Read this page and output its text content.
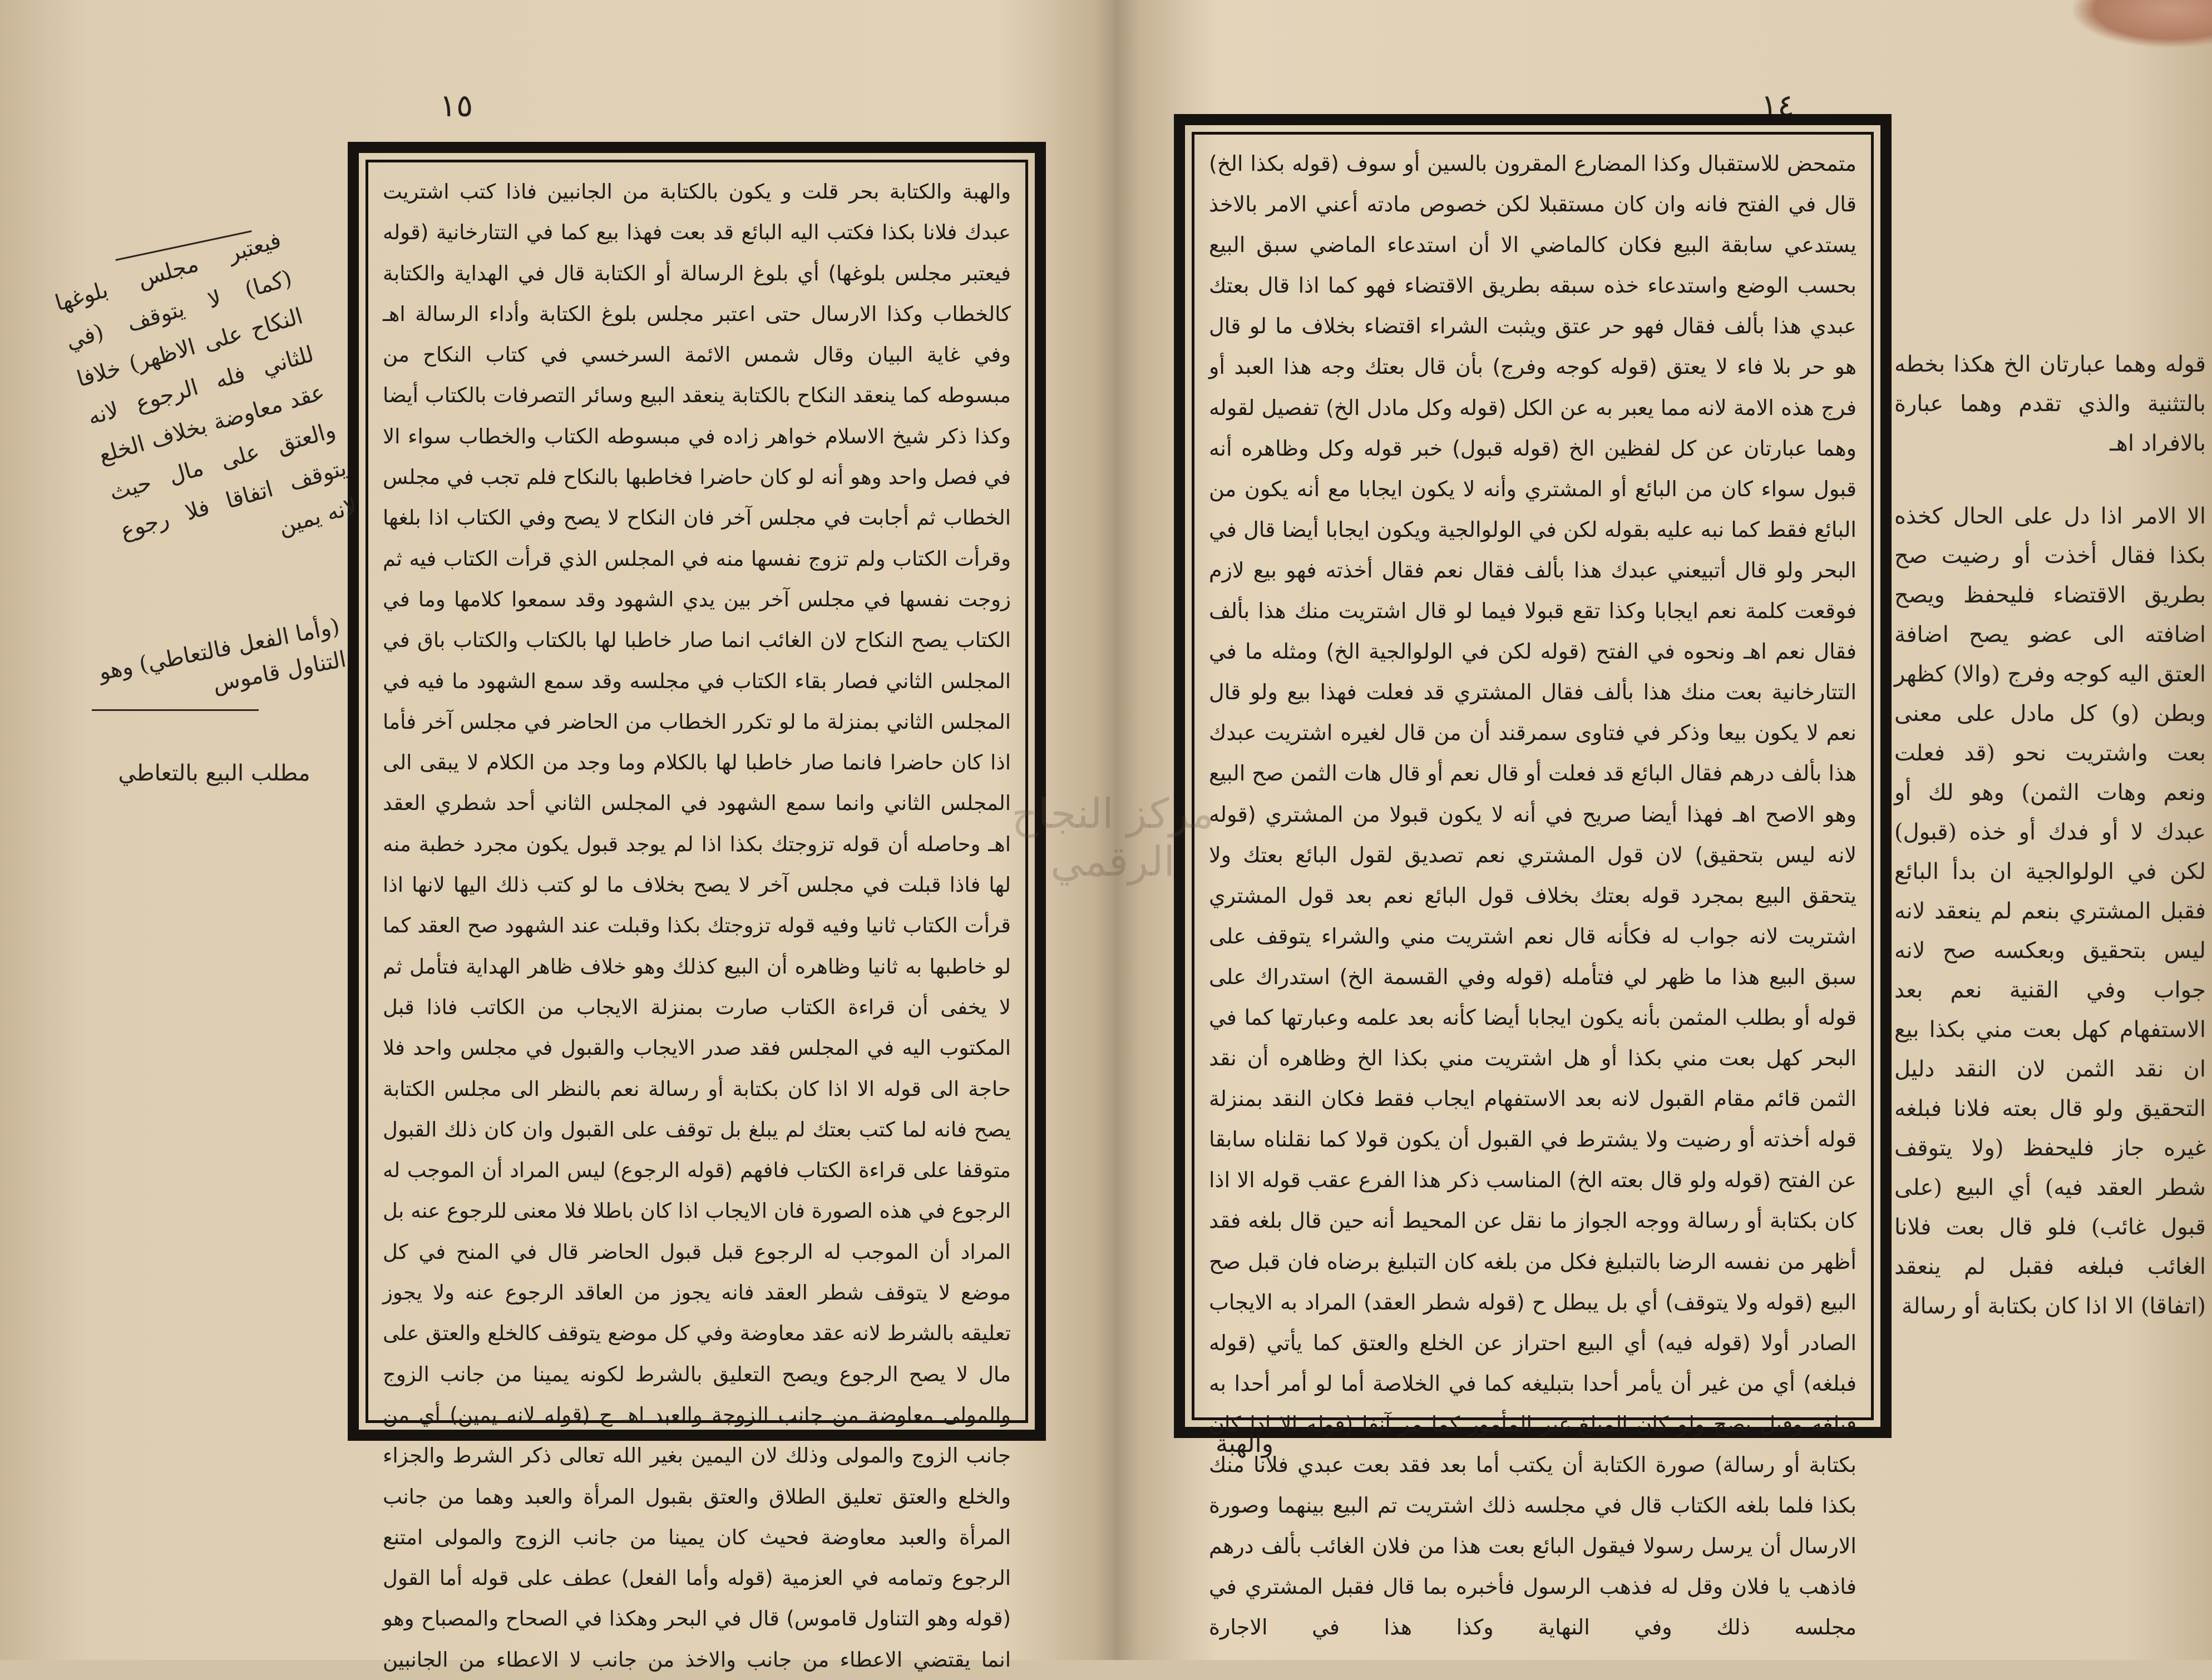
١٥
والهبة والكتابة بحر قلت و يكون بالكتابة من الجانبين فاذا كتب اشتريت عبدك فلانا بكذا فكتب اليه البائع قد بعت فهذا بيع كما في التتارخانية (قوله فيعتبر مجلس بلوغها) أي بلوغ الرسالة أو الكتابة قال في الهداية والكتابة كالخطاب وكذا الارسال حتى اعتبر مجلس بلوغ الكتابة وأداء الرسالة اهـ وفي غاية البيان وقال شمس الائمة السرخسي في كتاب النكاح من مبسوطه كما ينعقد النكاح بالكتابة ينعقد البيع وسائر التصرفات بالكتاب أيضا وكذا ذكر شيخ الاسلام خواهر زاده في مبسوطه الكتاب والخطاب سواء الا في فصل واحد وهو أنه لو كان حاضرا فخاطبها بالنكاح فلم تجب في مجلس الخطاب ثم أجابت في مجلس آخر فان النكاح لا يصح وفي الكتاب اذا بلغها وقرأت الكتاب ولم تزوج نفسها منه في المجلس الذي قرأت الكتاب فيه ثم زوجت نفسها في مجلس آخر بين يدي الشهود وقد سمعوا كلامها وما في الكتاب يصح النكاح لان الغائب انما صار خاطبا لها بالكتاب والكتاب باق في المجلس الثاني فصار بقاء الكتاب في مجلسه وقد سمع الشهود ما فيه في المجلس الثاني بمنزلة ما لو تكرر الخطاب من الحاضر في مجلس آخر فأما اذا كان حاضرا فانما صار خاطبا لها بالكلام وما وجد من الكلام لا يبقى الى المجلس الثاني وانما سمع الشهود في المجلس الثاني أحد شطري العقد اهـ وحاصله أن قوله تزوجتك بكذا اذا لم يوجد قبول يكون مجرد خطبة منه لها فاذا قبلت في مجلس آخر لا يصح بخلاف ما لو كتب ذلك اليها لانها اذا قرأت الكتاب ثانيا وفيه قوله تزوجتك بكذا وقبلت عند الشهود صح العقد كما لو خاطبها به ثانيا وظاهره أن البيع كذلك وهو خلاف ظاهر الهداية فتأمل ثم لا يخفى أن قراءة الكتاب صارت بمنزلة الايجاب من الكاتب فاذا قبل المكتوب اليه في المجلس فقد صدر الايجاب والقبول في مجلس واحد فلا حاجة الى قوله الا اذا كان بكتابة أو رسالة نعم بالنظر الى مجلس الكتابة يصح فانه لما كتب بعتك لم يبلغ بل توقف على القبول وان كان ذلك القبول متوقفا على قراءة الكتاب فافهم (قوله الرجوع) ليس المراد أن الموجب له الرجوع في هذه الصورة فان الايجاب اذا كان باطلا فلا معنى للرجوع عنه بل المراد أن الموجب له الرجوع قبل قبول الحاضر قال في المنح في كل موضع لا يتوقف شطر العقد فانه يجوز من العاقد الرجوع عنه ولا يجوز تعليقه بالشرط لانه عقد معاوضة وفي كل موضع يتوقف كالخلع والعتق على مال لا يصح الرجوع ويصح التعليق بالشرط لكونه يمينا من جانب الزوج والمولى معاوضة من جانب الزوجة والعبد اهـ ح (قوله لانه يمين) أي من جانب الزوج والمولى وذلك لان اليمين بغير الله تعالى ذكر الشرط والجزاء والخلع والعتق تعليق الطلاق والعتق بقبول المرأة والعبد وهما من جانب المرأة والعبد معاوضة فحيث كان يمينا من جانب الزوج والمولى امتنع الرجوع وتمامه في العزمية (قوله وأما الفعل) عطف على قوله أما القول (قوله وهو التناول قاموس) قال في البحر وهكذا في الصحاح والمصباح وهو انما يقتضي الاعطاء من جانب والاخذ من جانب لا الاعطاء من الجانبين
فيعتبر مجلس بلوغها (كما) لا يتوقف (في النكاح على الاظهر) خلافا للثاني فله الرجوع لانه عقد معاوضة بخلاف الخلع والعتق على مال حيث يتوقف اتفاقا فلا رجوع لانه يمين
(وأما الفعل فالتعاطي) وهو التناول قاموس
مطلب البيع بالتعاطي
١٤
متمحض للاستقبال وكذا المضارع المقرون بالسين أو سوف (قوله بكذا الخ) قال في الفتح فانه وان كان مستقبلا لكن خصوص مادته أعني الامر بالاخذ يستدعي سابقة البيع فكان كالماضي الا أن استدعاء الماضي سبق البيع بحسب الوضع واستدعاء خذه سبقه بطريق الاقتضاء فهو كما اذا قال بعتك عبدي هذا بألف فقال فهو حر عتق ويثبت الشراء اقتضاء بخلاف ما لو قال هو حر بلا فاء لا يعتق (قوله كوجه وفرج) بأن قال بعتك وجه هذا العبد أو فرج هذه الامة لانه مما يعبر به عن الكل (قوله وكل مادل الخ) تفصيل لقوله وهما عبارتان عن كل لفظين الخ (قوله قبول) خبر قوله وكل وظاهره أنه قبول سواء كان من البائع أو المشتري وأنه لا يكون ايجابا مع أنه يكون من البائع فقط كما نبه عليه بقوله لكن في الولوالجية ويكون ايجابا أيضا قال في البحر ولو قال أتبيعني عبدك هذا بألف فقال نعم فقال أخذته فهو بيع لازم فوقعت كلمة نعم ايجابا وكذا تقع قبولا فيما لو قال اشتريت منك هذا بألف فقال نعم اهـ ونحوه في الفتح (قوله لكن في الولوالجية الخ) ومثله ما في التتارخانية بعت منك هذا بألف فقال المشتري قد فعلت فهذا بيع ولو قال نعم لا يكون بيعا وذكر في فتاوى سمرقند أن من قال لغيره اشتريت عبدك هذا بألف درهم فقال البائع قد فعلت أو قال نعم أو قال هات الثمن صح البيع وهو الاصح اهـ فهذا أيضا صريح في أنه لا يكون قبولا من المشتري (قوله لانه ليس بتحقيق) لان قول المشتري نعم تصديق لقول البائع بعتك ولا يتحقق البيع بمجرد قوله بعتك بخلاف قول البائع نعم بعد قول المشتري اشتريت لانه جواب له فكأنه قال نعم اشتريت مني والشراء يتوقف على سبق البيع هذا ما ظهر لي فتأمله (قوله وفي القسمة الخ) استدراك على قوله أو بطلب المثمن بأنه يكون ايجابا أيضا كأنه بعد علمه وعبارتها كما في البحر كهل بعت مني بكذا أو هل اشتريت مني بكذا الخ وظاهره أن نقد الثمن قائم مقام القبول لانه بعد الاستفهام ايجاب فقط فكان النقد بمنزلة قوله أخذته أو رضيت ولا يشترط في القبول أن يكون قولا كما نقلناه سابقا عن الفتح (قوله ولو قال بعته الخ) المناسب ذكر هذا الفرع عقب قوله الا اذا كان بكتابة أو رسالة ووجه الجواز ما نقل عن المحيط أنه حين قال بلغه فقد أظهر من نفسه الرضا بالتبليغ فكل من بلغه كان التبليغ برضاه فان قبل صح البيع (قوله ولا يتوقف) أي بل يبطل ح (قوله شطر العقد) المراد به الايجاب الصادر أولا (قوله فيه) أي البيع احتراز عن الخلع والعتق كما يأتي (قوله فبلغه) أي من غير أن يأمر أحدا بتبليغه كما في الخلاصة أما لو أمر أحدا به فبلغه وقبل يصح ولو كان المبلغ غير المأمور كما مر آنفا (قوله الا اذا كان بكتابة أو رسالة) صورة الكتابة أن يكتب أما بعد فقد بعت عبدي فلانا منك بكذا فلما بلغه الكتاب قال في مجلسه ذلك اشتريت تم البيع بينهما وصورة الارسال أن يرسل رسولا فيقول البائع بعت هذا من فلان الغائب بألف درهم فاذهب يا فلان وقل له فذهب الرسول فأخبره بما قال فقبل المشتري في مجلسه ذلك وفي النهاية وكذا هذا في الاجارة
والهبة
قوله وهما عبارتان الخ هكذا بخطه بالتثنية والذي تقدم وهما عبارة بالافراد اهـ
الا الامر اذا دل على الحال كخذه بكذا فقال أخذت أو رضيت صح بطريق الاقتضاء فليحفظ ويصح اضافته الى عضو يصح اضافة العتق اليه كوجه وفرج (والا) كظهر وبطن (و) كل مادل على معنى بعت واشتريت نحو (قد فعلت ونعم وهات الثمن) وهو لك أو عبدك لا أو فدك أو خذه (قبول) لكن في الولوالجية ان بدأ البائع فقبل المشتري بنعم لم ينعقد لانه ليس بتحقيق وبعكسه صح لانه جواب وفي القنية نعم بعد الاستفهام كهل بعت مني بكذا بيع ان نقد الثمن لان النقد دليل التحقيق ولو قال بعته فلانا فبلغه غيره جاز فليحفظ (ولا يتوقف شطر العقد فيه) أي البيع (على قبول غائب) فلو قال بعت فلانا الغائب فبلغه فقبل لم ينعقد (اتفاقا) الا اذا كان بكتابة أو رسالة
مركز النجاح الرقمي
